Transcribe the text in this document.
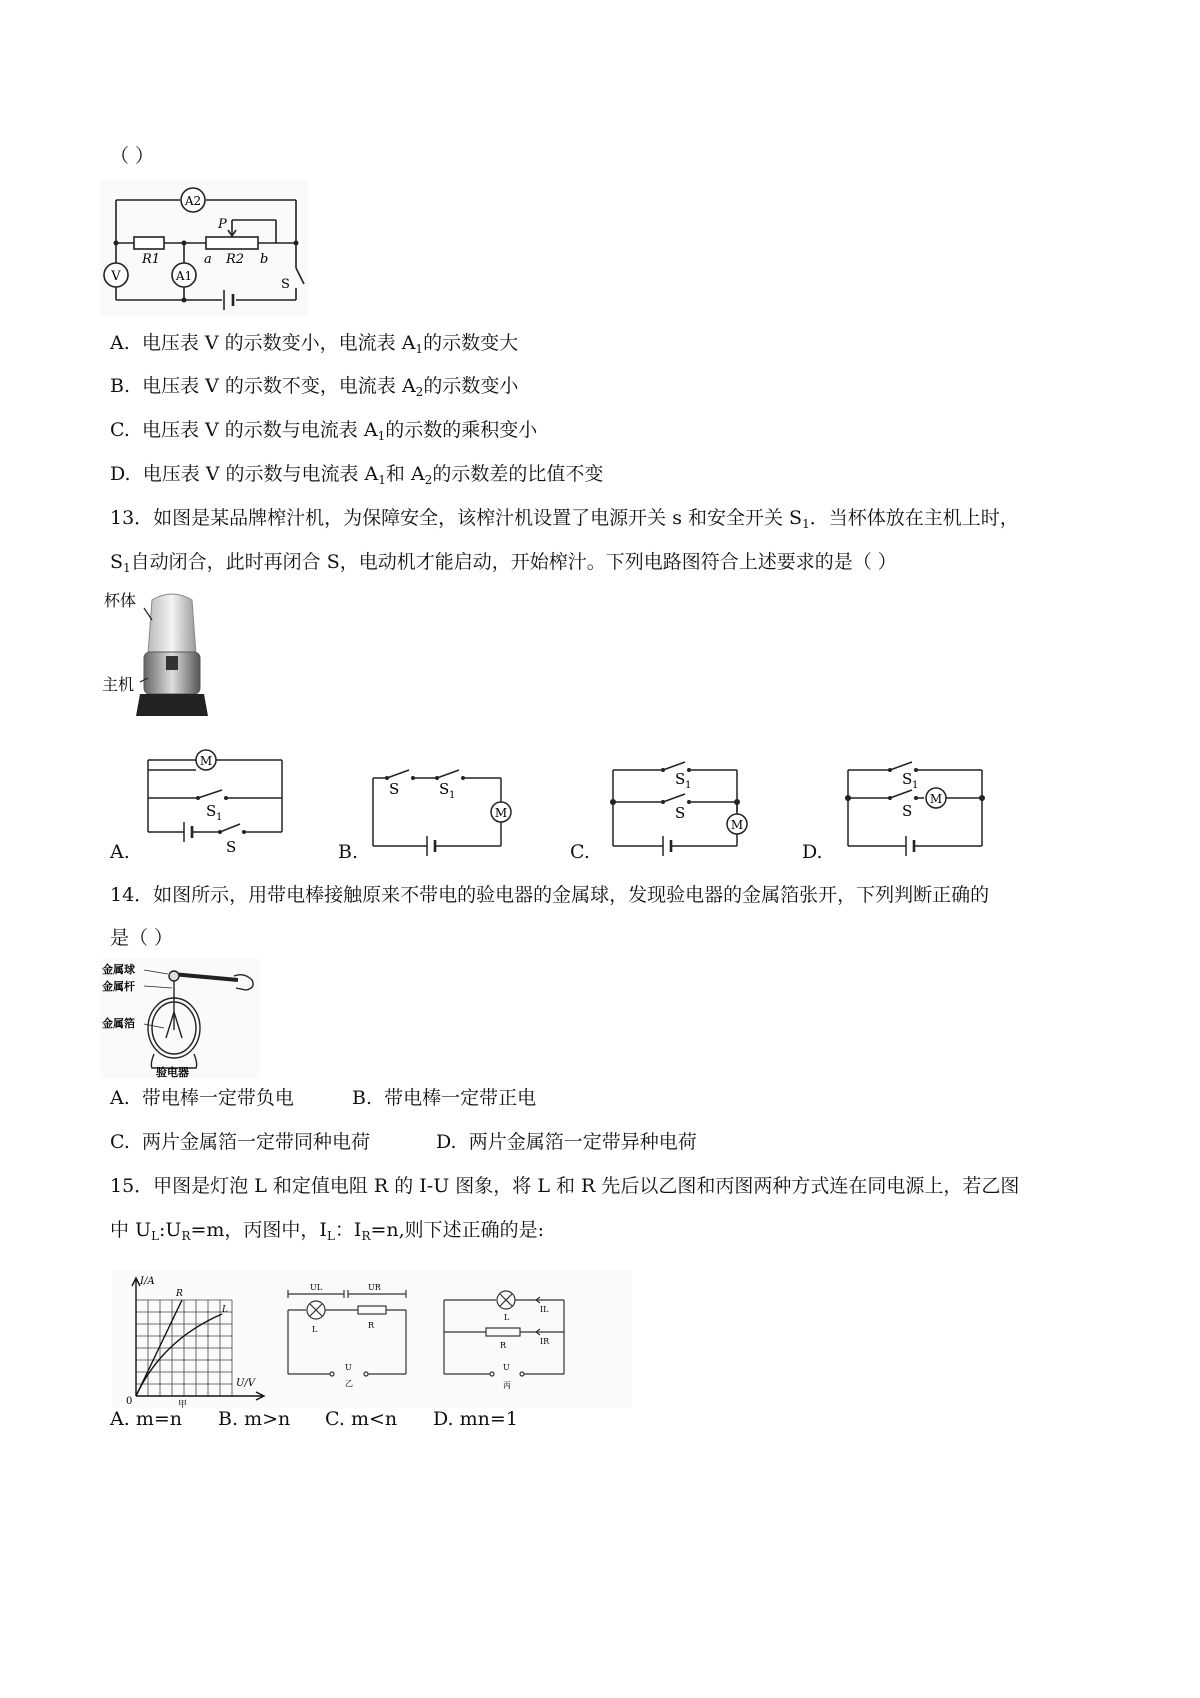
（ ）
A2
V	A1
R1	R2
P
a	b
S
A. 电压表 V 的示数变小，电流表 $A_1$的示数变大
B. 电压表 V 的示数不变，电流表 $A_2$的示数变小
C. 电压表 V 的示数与电流表 $A_1$的示数的乘积变小
D. 电压表 V 的示数与电流表 $A_1$和 $A_2$的示数差的比值不变
13．如图是某品牌榨汁机，为保障安全，该榨汁机设置了电源开关 s 和安全开关 $S_1$．当杯体放在主机上时，
$S_1$自动闭合，此时再闭合 S，电动机才能启动，开始榨汁。下列电路图符合上述要求的是（ ）
杯体
主机
A.
M
S 1
S	B.
M
S	S 1
C.
M
S 1
S
D.
M
S 1
S
14．如图所示，用带电棒接触原来不带电的验电器的金属球，发现验电器的金属箔张开，下列判断正确的
是（ ）
金属球
金属杆
金属箔
验电器
A. 带电棒一定带负电	B. 带电棒一定带正电
C. 两片金属箔一定带同种电荷	D. 两片金属箔一定带异种电荷
15．甲图是灯泡 L 和定值电阻 R 的 I-U 图象，将 L 和 R 先后以乙图和丙图两种方式连在同电源上，若乙图
中 $U_L:U_R=m$，丙图中，$I_L$：$I_R=n$,则下述正确的是:
I/A
U/V
0
R
L
甲
UL	UR
L	R
U
乙
L
R
IL
IR
U
丙
A. m=n B. m>n C. m<n D. mn=1
